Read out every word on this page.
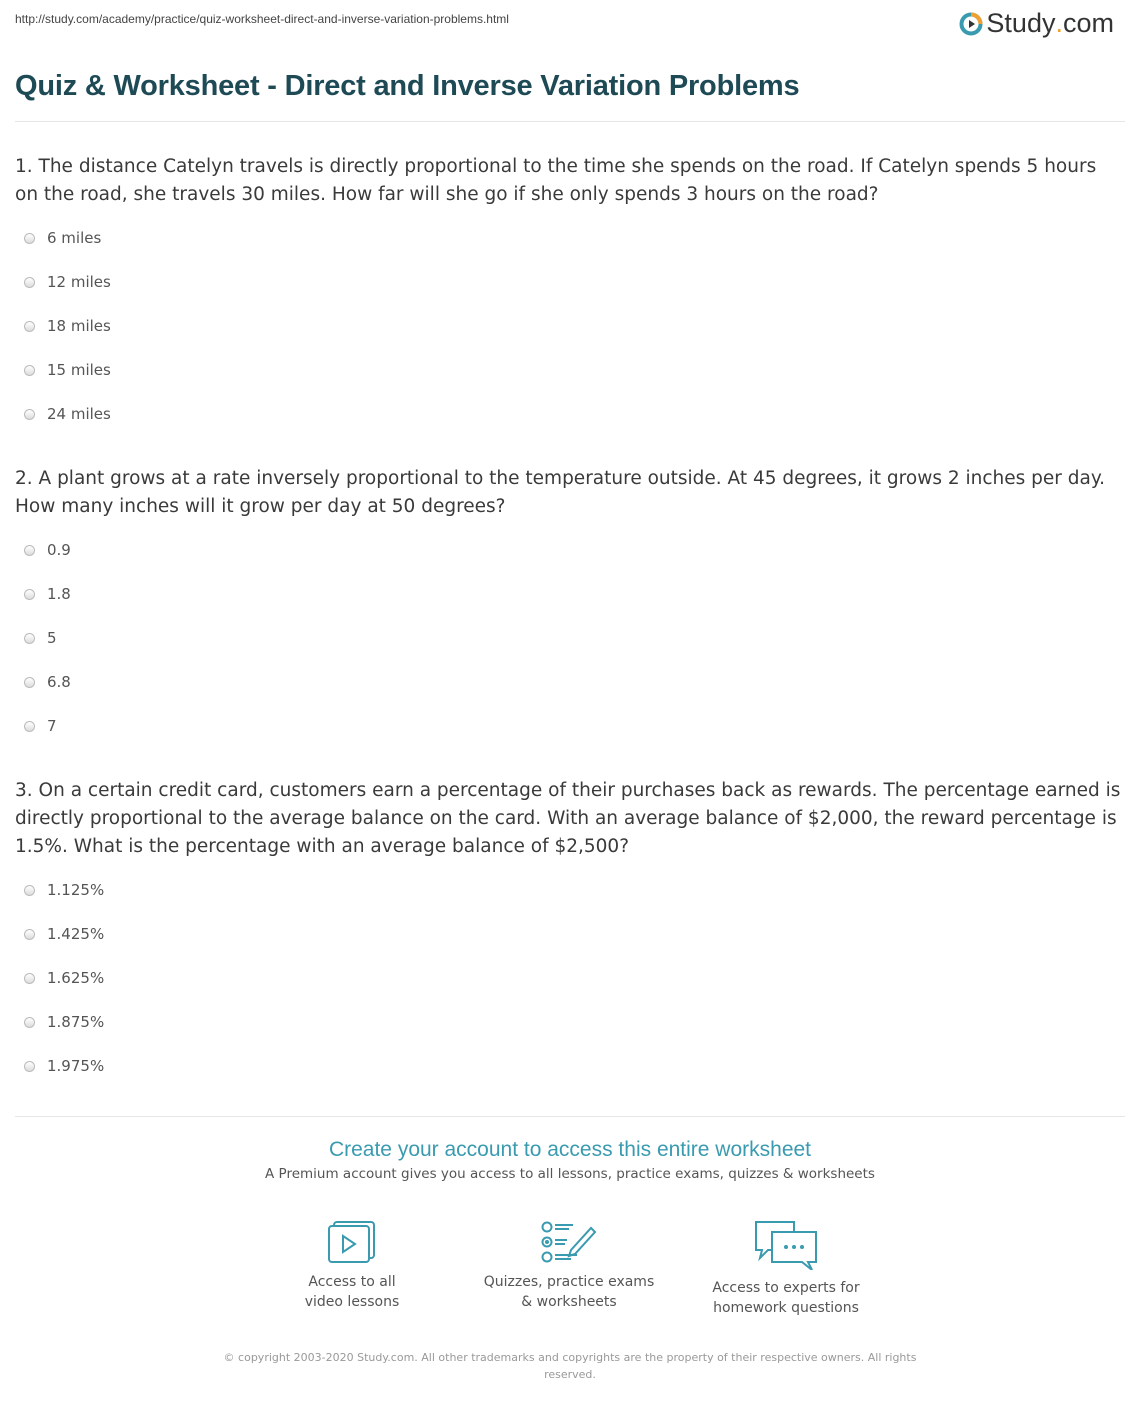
http://study.com/academy/practice/quiz-worksheet-direct-and-inverse-variation-problems.html	Study . com
Quiz & Worksheet - Direct and Inverse Variation Problems
1. The distance Catelyn travels is directly proportional to the time she spends on the road. If Catelyn spends 5 hours on the road, she travels 30 miles. How far will she go if she only spends 3 hours on the road?
6 miles
12 miles
18 miles
15 miles
24 miles
2. A plant grows at a rate inversely proportional to the temperature outside. At 45 degrees, it grows 2 inches per day. How many inches will it grow per day at 50 degrees?
0.9
1.8
5
6.8
7
3. On a certain credit card, customers earn a percentage of their purchases back as rewards. The percentage earned is directly proportional to the average balance on the card. With an average balance of $2,000, the reward percentage is 1.5%. What is the percentage with an average balance of $2,500?
1.125%
1.425%
1.625%
1.875%
1.975%
Create your account to access this entire worksheet

A Premium account gives you access to all lessons, practice exams, quizzes & worksheets

Access to all
video lessons
Quizzes, practice exams
& worksheets
Access to experts for
homework questions
© copyright 2003-2020 Study.com. All other trademarks and copyrights are the property of their respective owners. All rights reserved.
